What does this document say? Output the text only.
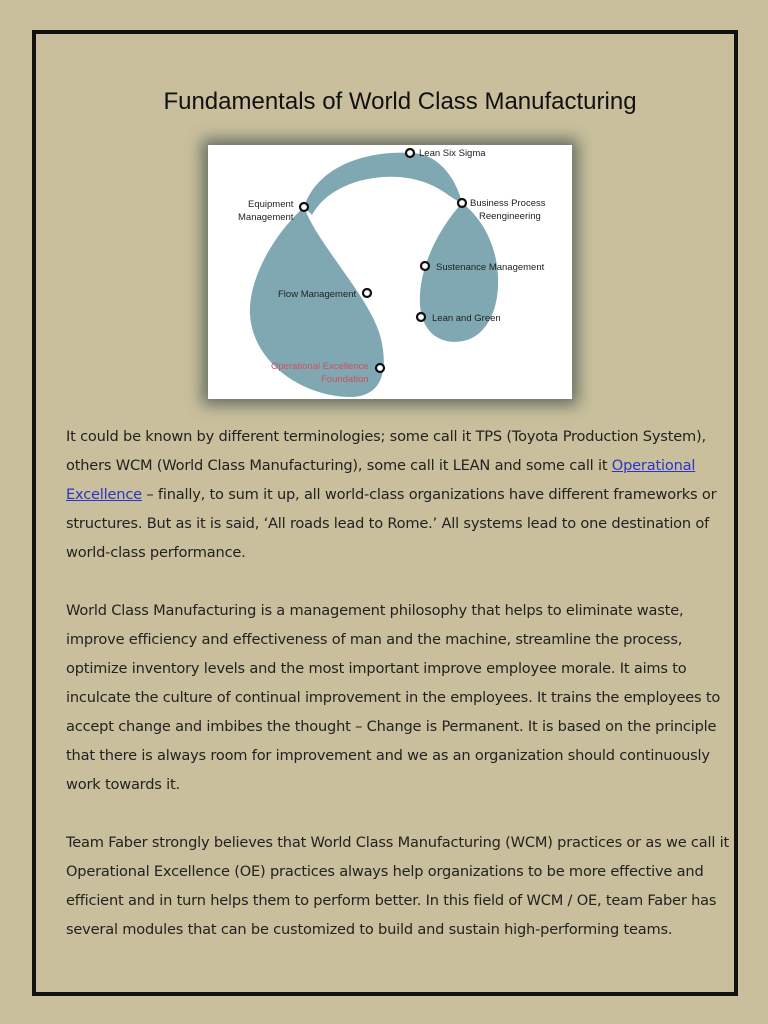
Fundamentals of World Class Manufacturing
Lean Six Sigma
Equipment
Management
Business Process
Reengineering
Sustenance Management
Flow Management
Lean and Green
Operational Excellence
Foundation

It could be known by different terminologies; some call it TPS (Toyota Production System), others WCM (World Class Manufacturing), some call it LEAN and some call it Operational Excellence – finally, to sum it up, all world-class organizations have different frameworks or structures. But as it is said, ‘All roads lead to Rome.’ All systems lead to one destination of world-class performance.

World Class Manufacturing is a management philosophy that helps to eliminate waste, improve efficiency and effectiveness of man and the machine, streamline the process, optimize inventory levels and the most important improve employee morale. It aims to inculcate the culture of continual improvement in the employees. It trains the employees to accept change and imbibes the thought – Change is Permanent. It is based on the principle that there is always room for improvement and we as an organization should continuously work towards it.

Team Faber strongly believes that World Class Manufacturing (WCM) practices or as we call it Operational Excellence (OE) practices always help organizations to be more effective and efficient and in turn helps them to perform better. In this field of WCM / OE, team Faber has several modules that can be customized to build and sustain high-performing teams.
